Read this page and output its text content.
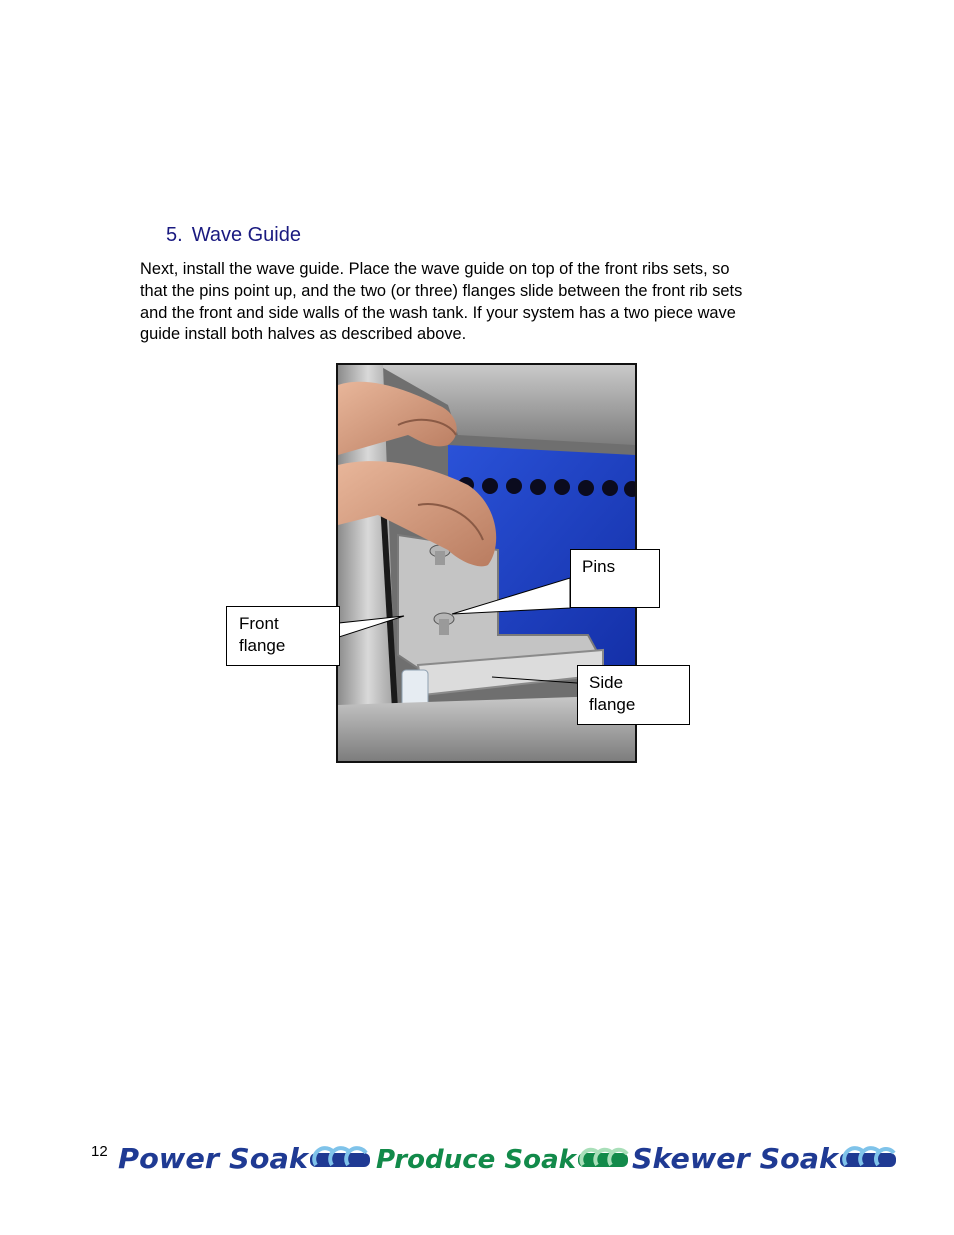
5. Wave Guide
Next, install the wave guide. Place the wave guide on top of the front ribs sets, so
that the pins point up, and the two (or three) flanges slide between the front rib sets
and the front and side walls of the wash tank. If your system has a two piece wave
guide install both halves as described above.
Pins
Front
flange
Side
flange
12 Power Soak	Produce Soak Skewer Soak
